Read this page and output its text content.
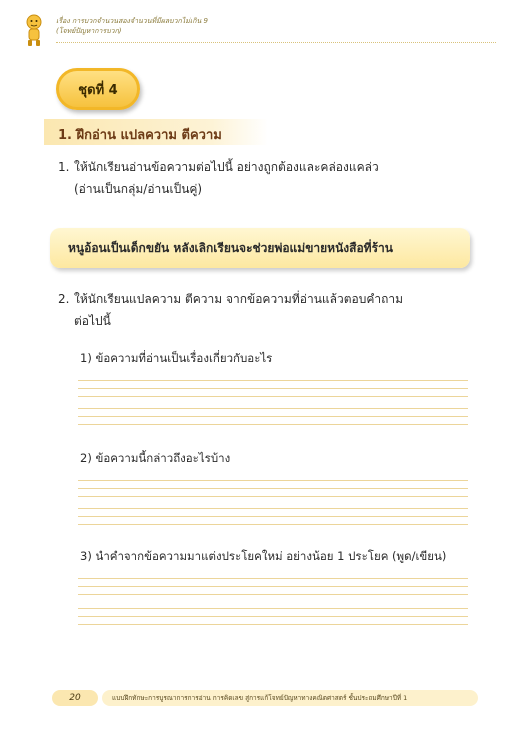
เรื่อง การบวกจำนวนสองจำนวนที่มีผลบวกไม่เกิน 9
(โจทย์ปัญหาการบวก)
ชุดที่ 4
1. ฝึกอ่าน แปลความ ตีความ
1. ให้นักเรียนอ่านข้อความต่อไปนี้ อย่างถูกต้องและคล่องแคล่ว
(อ่านเป็นกลุ่ม/อ่านเป็นคู่)
หนูอ้อนเป็นเด็กขยัน หลังเลิกเรียนจะช่วยพ่อแม่ขายหนังสือที่ร้าน
2. ให้นักเรียนแปลความ ตีความ จากข้อความที่อ่านแล้วตอบคำถาม
ต่อไปนี้
1) ข้อความที่อ่านเป็นเรื่องเกี่ยวกับอะไร
2) ข้อความนี้กล่าวถึงอะไรบ้าง
3) นำคำจากข้อความมาแต่งประโยคใหม่ อย่างน้อย 1 ประโยค (พูด/เขียน)
20	แบบฝึกทักษะการบูรณาการการอ่าน การคิดเลข สู่การแก้โจทย์ปัญหาทางคณิตศาสตร์ ชั้นประถมศึกษาปีที่ 1
